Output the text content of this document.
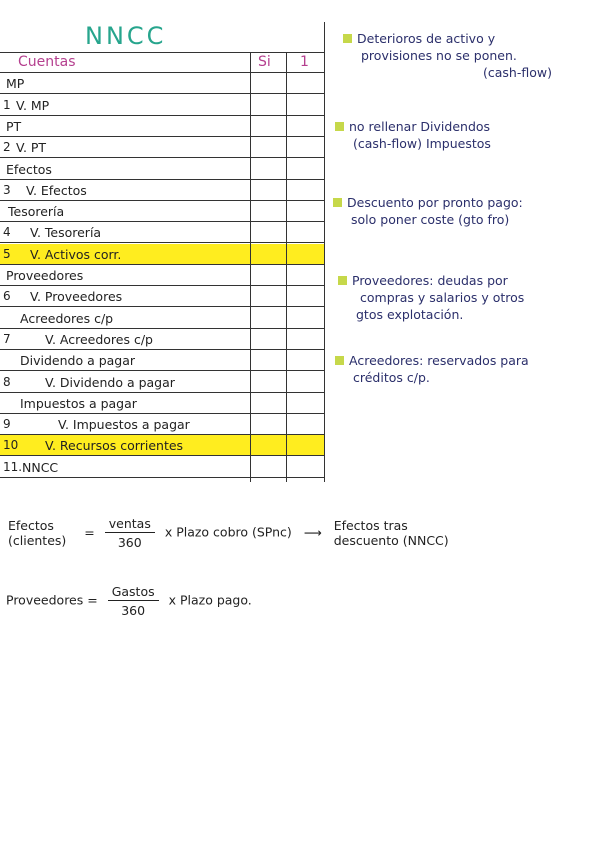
NNCC
Cuentas	Si 1
MP
1 V. MP
PT
2 V. PT
Efectos
3 V. Efectos
Tesorería
4 V. Tesorería
5 V. Activos corr.
Proveedores
6 V. Proveedores
Acreedores c/p
7	V. Acreedores c/p
Dividendo a pagar
8	V. Dividendo a pagar
Impuestos a pagar
9	V. Impuestos a pagar
10 V. Recursos corrientes
11. NNCC
Deterioros de activo y
provisiones no se ponen.
(cash-flow)
no rellenar Dividendos
(cash-flow) Impuestos
Descuento por pronto pago:
solo poner coste (gto fro)
Proveedores: deudas por
compras y salarios y otros
gtos explotación.
Acreedores: reservados para
créditos c/p.
Efectos
(clientes)
= $\frac{\text{ventas}}{360}$ x Plazo cobro (SPnc) ⟶ Efectos tras
descuento (NNCC)
Proveedores = $\frac{\text{Gastos}}{360}$ x Plazo pago.
